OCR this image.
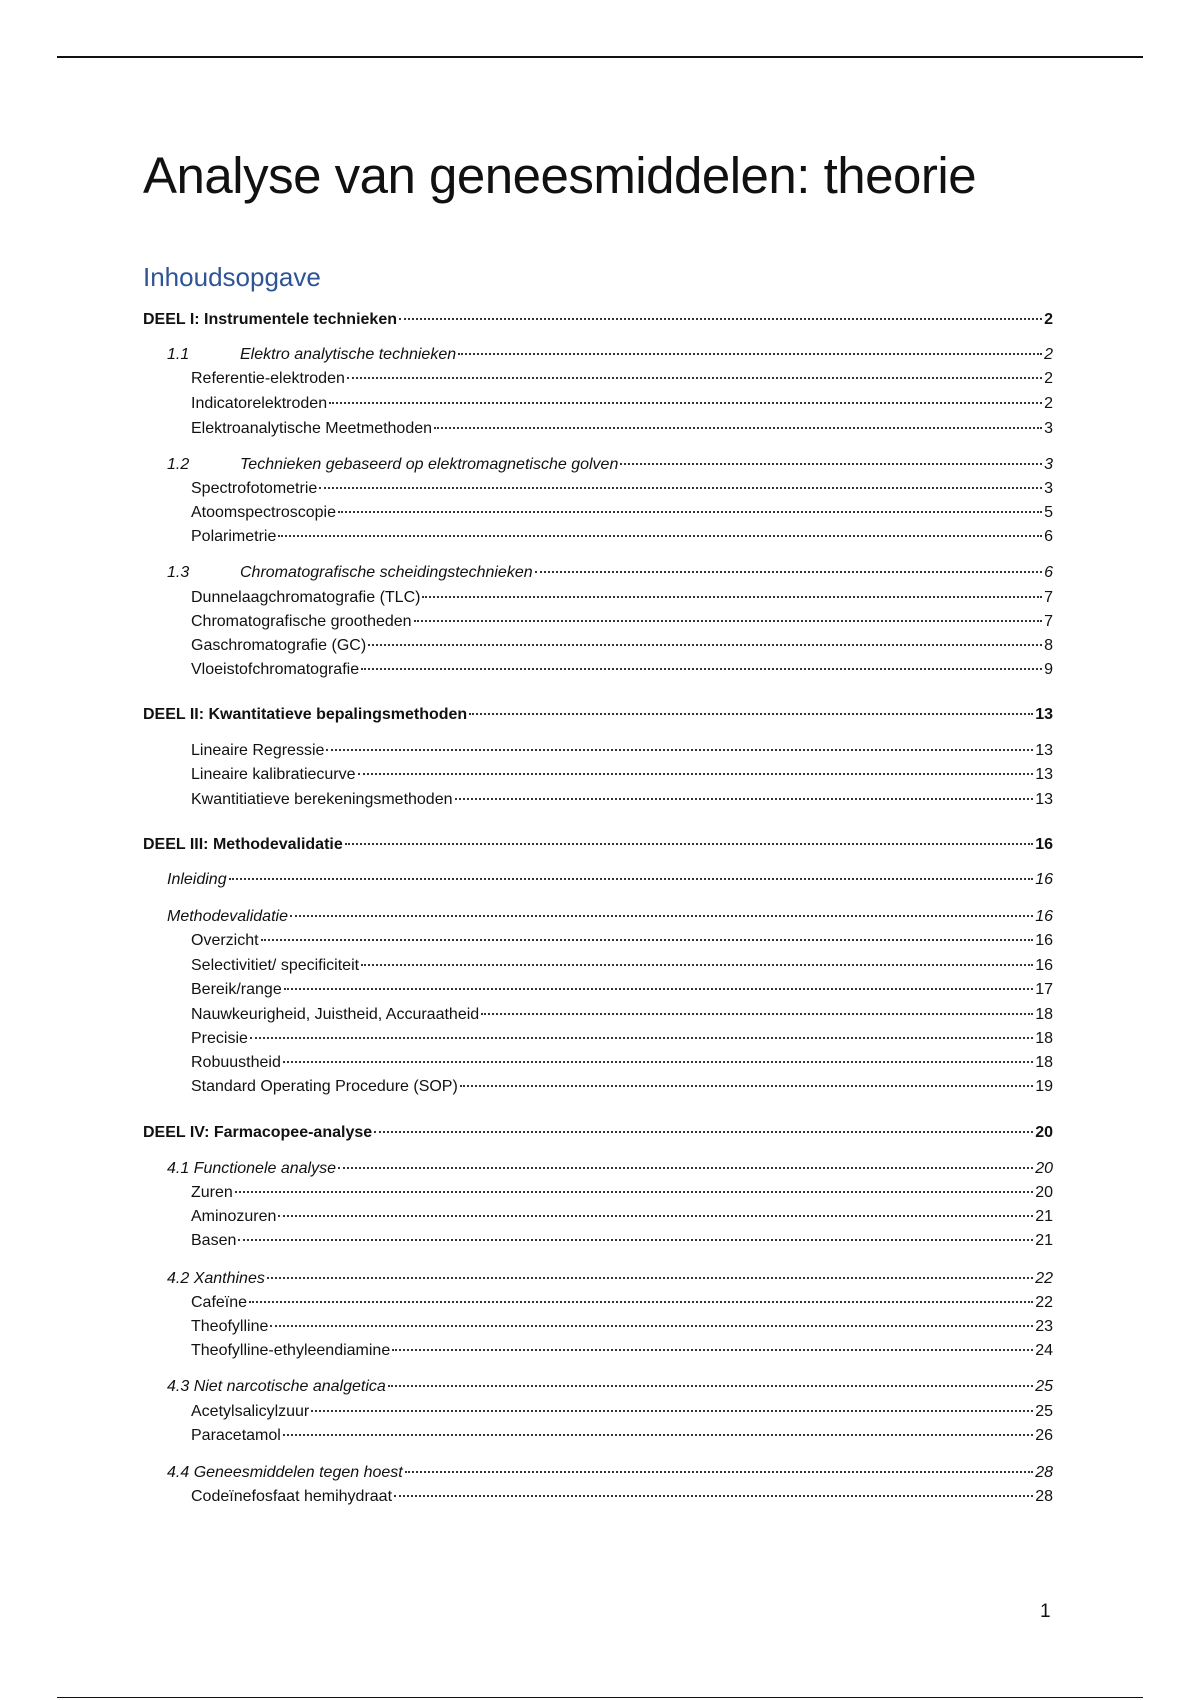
Analyse van geneesmiddelen: theorie
Inhoudsopgave
DEEL I: Instrumentele technieken	2
1.1	Elektro analytische technieken	2
Referentie-elektroden	2
Indicatorelektroden	2
Elektroanalytische Meetmethoden	3
1.2	Technieken gebaseerd op elektromagnetische golven	3
Spectrofotometrie	3
Atoomspectroscopie	5
Polarimetrie	6
1.3	Chromatografische scheidingstechnieken	6
Dunnelaagchromatografie (TLC)	7
Chromatografische grootheden	7
Gaschromatografie (GC)	8
Vloeistofchromatografie	9
DEEL II: Kwantitatieve bepalingsmethoden	13
Lineaire Regressie	13
Lineaire kalibratiecurve	13
Kwantitiatieve berekeningsmethoden	13
DEEL III: Methodevalidatie	16
Inleiding	16
Methodevalidatie	16
Overzicht	16
Selectivitiet/ specificiteit	16
Bereik/range	17
Nauwkeurigheid, Juistheid, Accuraatheid	18
Precisie	18
Robuustheid	18
Standard Operating Procedure (SOP)	19
DEEL IV: Farmacopee-analyse	20
4.1 Functionele analyse	20
Zuren	20
Aminozuren	21
Basen	21
4.2 Xanthines	22
Cafeïne	22
Theofylline	23
Theofylline-ethyleendiamine	24
4.3 Niet narcotische analgetica	25
Acetylsalicylzuur	25
Paracetamol	26
4.4 Geneesmiddelen tegen hoest	28
Codeïnefosfaat hemihydraat	28
1
